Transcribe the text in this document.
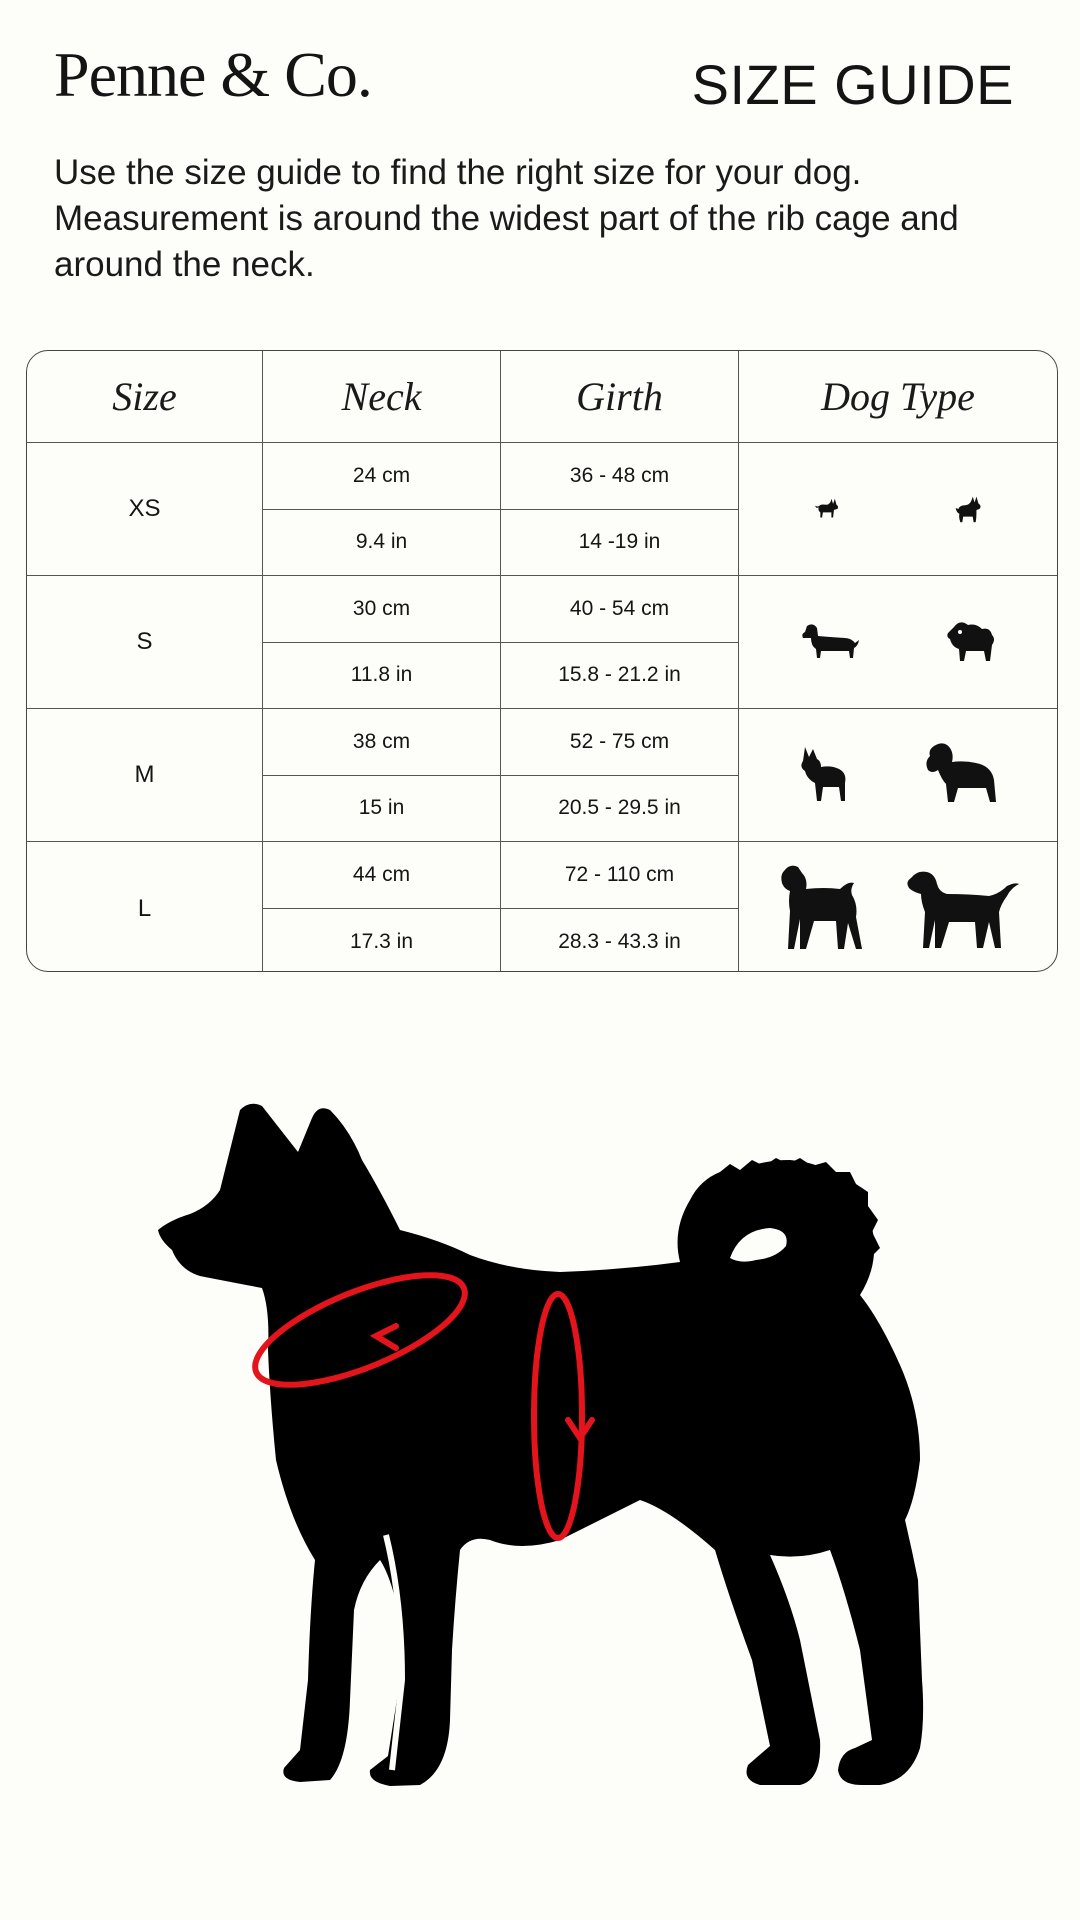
Penne & Co.	SIZE GUIDE
Use the size guide to find the right size for your dog. Measurement is around the widest part of the rib cage and around the neck.
Size	Neck	Girth	Dog Type
XS
24 cm	36 - 48 cm
9.4 in	14 -19 in
S
30 cm	40 - 54 cm
11.8 in	15.8 - 21.2 in
M
38 cm	52 - 75 cm
15 in	20.5 - 29.5 in
L
44 cm	72 - 110 cm
17.3 in	28.3 - 43.3 in
